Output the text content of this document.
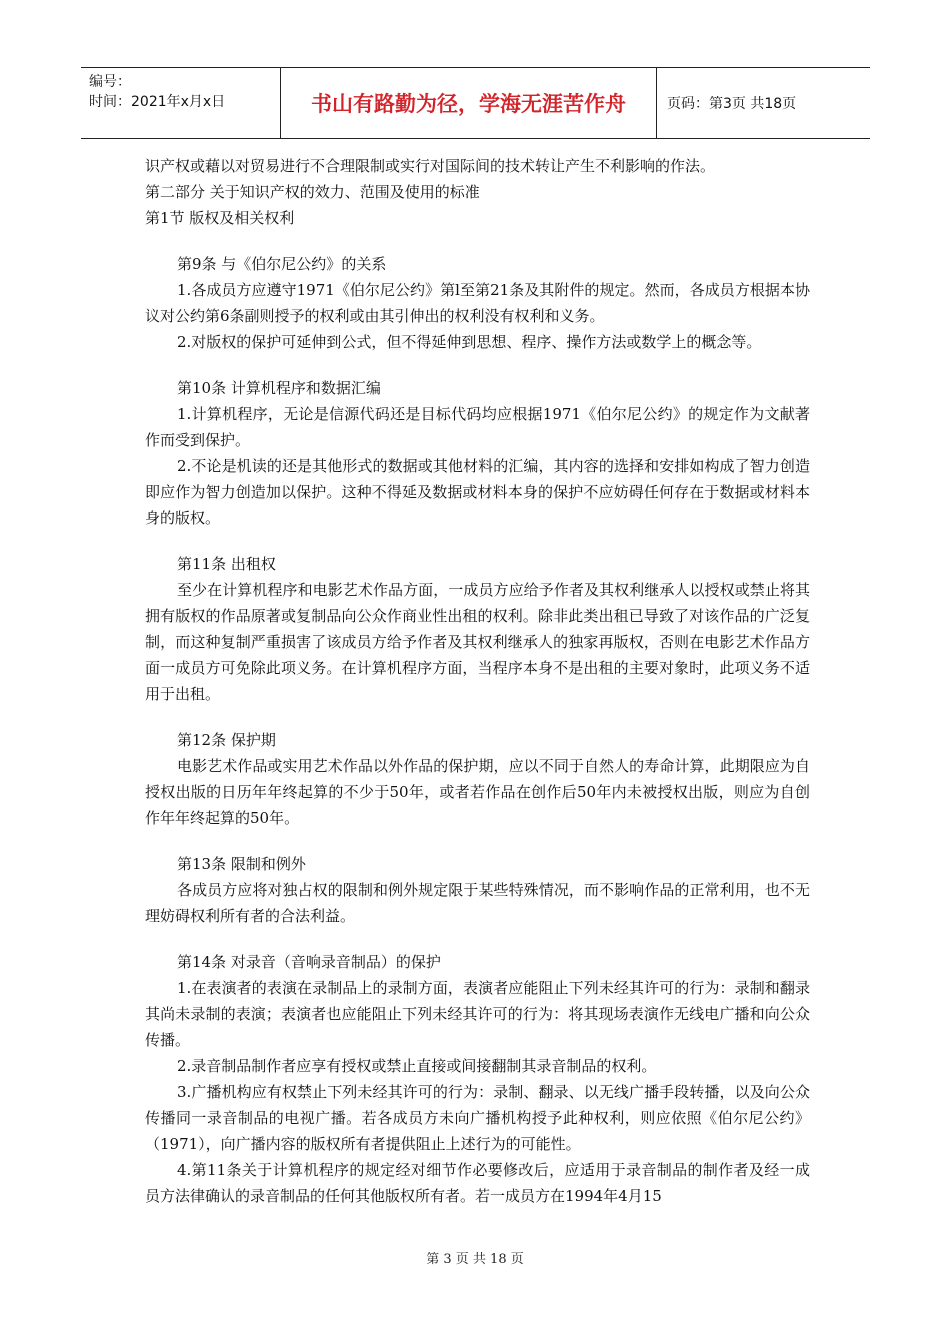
编号：
时间：2021年x月x日	书山有路勤为径，学海无涯苦作舟	页码：第3页 共18页

识产权或藉以对贸易进行不合理限制或实行对国际间的技术转让产生不利影响的作法。

第二部分 关于知识产权的效力、范围及使用的标准

第1节 版权及相关权利

第9条 与《伯尔尼公约》的关系

1.各成员方应遵守1971《伯尔尼公约》第l至第21条及其附件的规定。然而，各成员方根据本协议对公约第6条副则授予的权利或由其引伸出的权利没有权利和义务。

2.对版权的保护可延伸到公式，但不得延伸到思想、程序、操作方法或数学上的概念等。

第10条 计算机程序和数据汇编

1.计算机程序，无论是信源代码还是目标代码均应根据1971《伯尔尼公约》的规定作为文献著作而受到保护。

2.不论是机读的还是其他形式的数据或其他材料的汇编，其内容的选择和安排如构成了智力创造即应作为智力创造加以保护。这种不得延及数据或材料本身的保护不应妨碍任何存在于数据或材料本身的版权。

第11条 出租权

至少在计算机程序和电影艺术作品方面，一成员方应给予作者及其权利继承人以授权或禁止将其拥有版权的作品原著或复制品向公众作商业性出租的权利。除非此类出租已导致了对该作品的广泛复制，而这种复制严重损害了该成员方给予作者及其权利继承人的独家再版权，否则在电影艺术作品方面一成员方可免除此项义务。在计算机程序方面，当程序本身不是出租的主要对象时，此项义务不适用于出租。

第12条 保护期

电影艺术作品或实用艺术作品以外作品的保护期，应以不同于自然人的寿命计算，此期限应为自授权出版的日历年年终起算的不少于50年，或者若作品在创作后50年内未被授权出版，则应为自创作年年终起算的50年。

第13条 限制和例外

各成员方应将对独占权的限制和例外规定限于某些特殊情况，而不影响作品的正常利用，也不无理妨碍权利所有者的合法利益。

第14条 对录音（音响录音制品）的保护

1.在表演者的表演在录制品上的录制方面，表演者应能阻止下列未经其许可的行为：录制和翻录其尚未录制的表演；表演者也应能阻止下列未经其许可的行为：将其现场表演作无线电广播和向公众传播。

2.录音制品制作者应享有授权或禁止直接或间接翻制其录音制品的权利。

3.广播机构应有权禁止下列未经其许可的行为：录制、翻录、以无线广播手段转播，以及向公众传播同一录音制品的电视广播。若各成员方未向广播机构授予此种权利，则应依照《伯尔尼公约》（1971），向广播内容的版权所有者提供阻止上述行为的可能性。

4.第11条关于计算机程序的规定经对细节作必要修改后，应适用于录音制品的制作者及经一成员方法律确认的录音制品的任何其他版权所有者。若一成员方在1994年4月15

第 3 页 共 18 页
